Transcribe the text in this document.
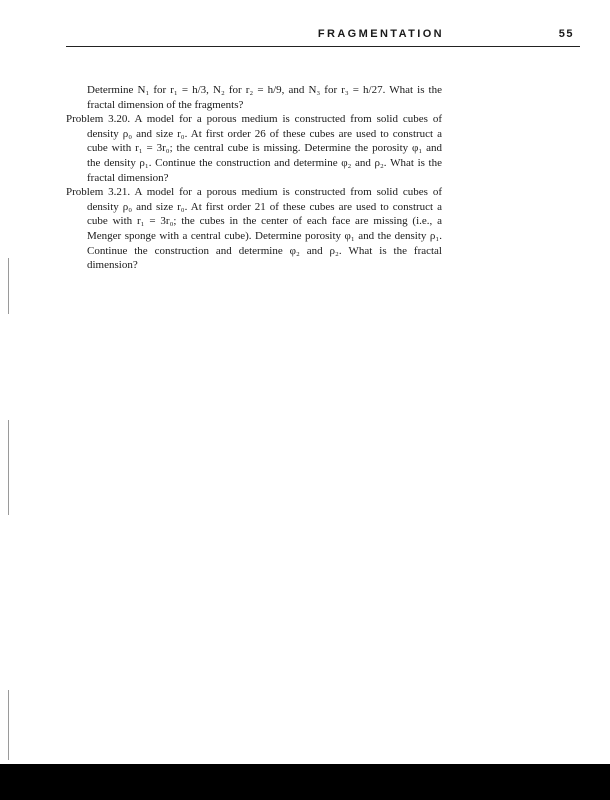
FRAGMENTATION	55

Determine N₁ for r₁ = h/3, N₂ for r₂ = h/9, and N₃ for r₃ = h/27. What is the fractal dimension of the fragments?

Problem 3.20. A model for a porous medium is constructed from solid cubes of density ρ₀ and size r₀. At first order 26 of these cubes are used to construct a cube with r₁ = 3r₀; the central cube is missing. Determine the porosity φ₁ and the density ρ₁. Continue the construction and determine φ₂ and ρ₂. What is the fractal dimension?

Problem 3.21. A model for a porous medium is constructed from solid cubes of density ρ₀ and size r₀. At first order 21 of these cubes are used to construct a cube with r₁ = 3r₀; the cubes in the center of each face are missing (i.e., a Menger sponge with a central cube). Determine porosity φ₁ and the density ρ₁. Continue the construction and determine φ₂ and ρ₂. What is the fractal dimension?
